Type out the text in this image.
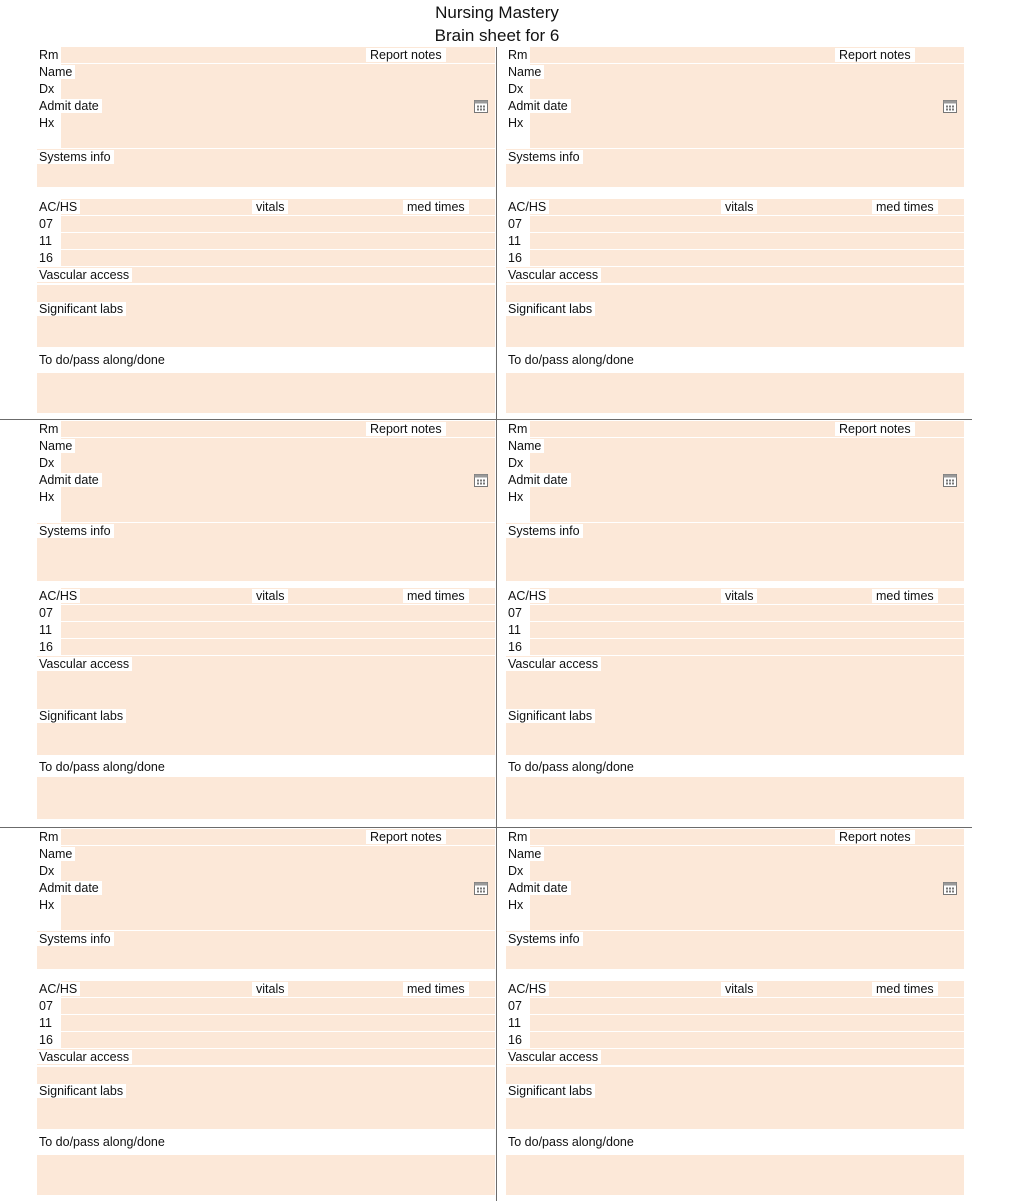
Nursing Mastery
Brain sheet for 6
Rm	Report notes
Name
Dx
Admit date
Hx
Systems info
AC/HS	vitals	med times
07
11
16
Vascular access
Significant labs
To do/pass along/done
Rm	Report notes
Name
Dx
Admit date
Hx
Systems info
AC/HS	vitals	med times
07
11
16
Vascular access
Significant labs
To do/pass along/done
Rm	Report notes
Name
Dx
Admit date
Hx
Systems info
AC/HS	vitals	med times
07
11
16
Vascular access
Significant labs
To do/pass along/done
Rm	Report notes
Name
Dx
Admit date
Hx
Systems info
AC/HS	vitals	med times
07
11
16
Vascular access
Significant labs
To do/pass along/done
Rm	Report notes
Name
Dx
Admit date
Hx
Systems info
AC/HS	vitals	med times
07
11
16
Vascular access
Significant labs
To do/pass along/done
Rm	Report notes
Name
Dx
Admit date
Hx
Systems info
AC/HS	vitals	med times
07
11
16
Vascular access
Significant labs
To do/pass along/done
